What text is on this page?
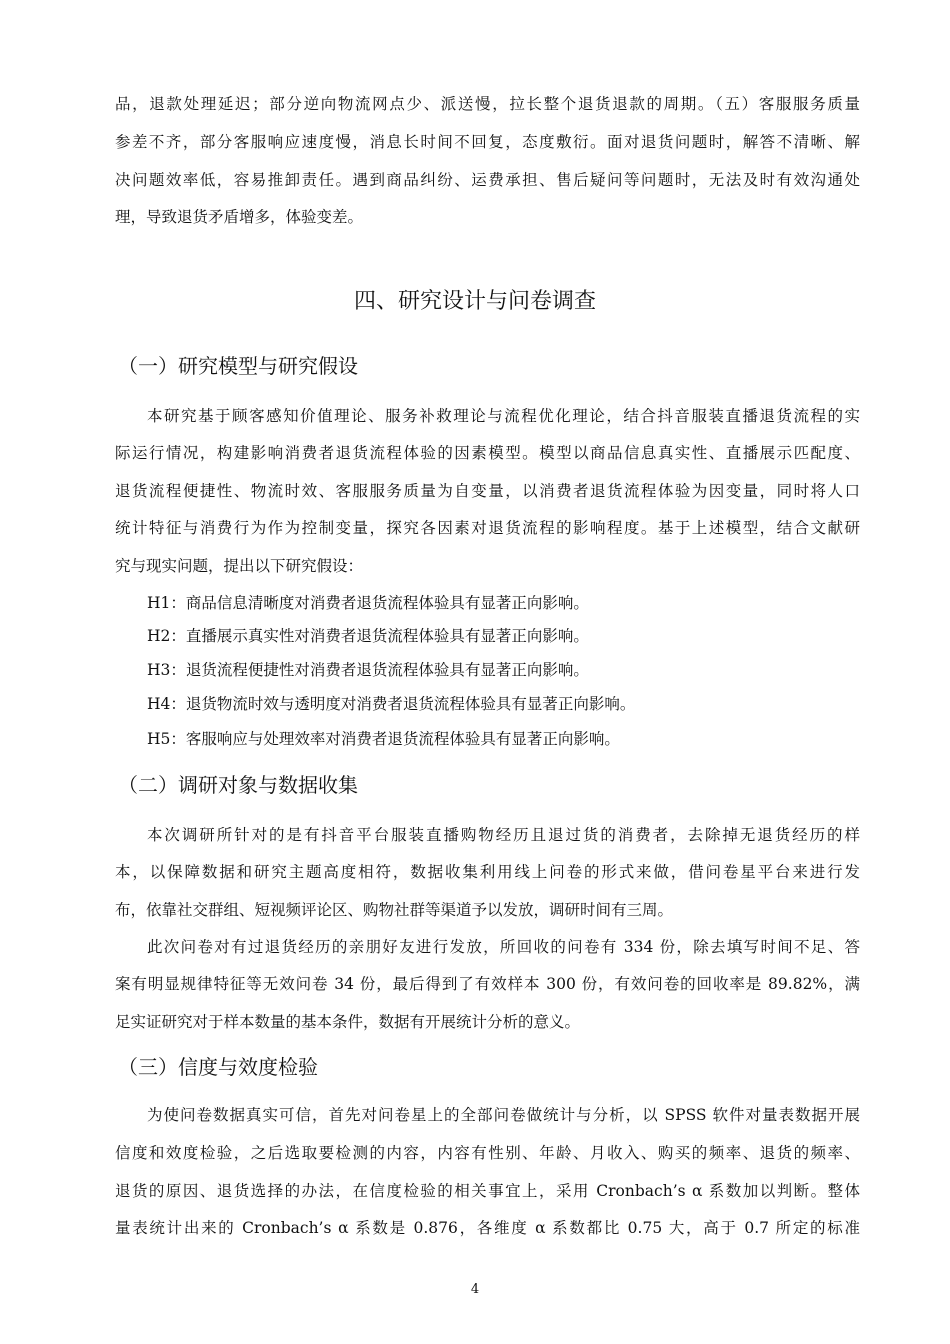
品，退款处理延迟；部分逆向物流网点少、派送慢，拉长整个退货退款的周期。（五）客服服务质量
参差不齐，部分客服响应速度慢，消息长时间不回复，态度敷衍。面对退货问题时，解答不清晰、解
决问题效率低，容易推卸责任。遇到商品纠纷、运费承担、售后疑问等问题时，无法及时有效沟通处
理，导致退货矛盾增多，体验变差。
四、研究设计与问卷调查
（一）研究模型与研究假设
本研究基于顾客感知价值理论、服务补救理论与流程优化理论，结合抖音服装直播退货流程的实
际运行情况，构建影响消费者退货流程体验的因素模型。模型以商品信息真实性、直播展示匹配度、
退货流程便捷性、物流时效、客服服务质量为自变量，以消费者退货流程体验为因变量，同时将人口
统计特征与消费行为作为控制变量，探究各因素对退货流程的影响程度。基于上述模型，结合文献研
究与现实问题，提出以下研究假设：
H1：商品信息清晰度对消费者退货流程体验具有显著正向影响。
H2：直播展示真实性对消费者退货流程体验具有显著正向影响。
H3：退货流程便捷性对消费者退货流程体验具有显著正向影响。
H4：退货物流时效与透明度对消费者退货流程体验具有显著正向影响。
H5：客服响应与处理效率对消费者退货流程体验具有显著正向影响。
（二）调研对象与数据收集
本次调研所针对的是有抖音平台服装直播购物经历且退过货的消费者，去除掉无退货经历的样
本，以保障数据和研究主题高度相符，数据收集利用线上问卷的形式来做，借问卷星平台来进行发
布，依靠社交群组、短视频评论区、购物社群等渠道予以发放，调研时间有三周。
此次问卷对有过退货经历的亲朋好友进行发放，所回收的问卷有 334 份，除去填写时间不足、答
案有明显规律特征等无效问卷 34 份，最后得到了有效样本 300 份，有效问卷的回收率是 89.82%，满
足实证研究对于样本数量的基本条件，数据有开展统计分析的意义。
（三）信度与效度检验
为使问卷数据真实可信，首先对问卷星上的全部问卷做统计与分析，以 SPSS 软件对量表数据开展
信度和效度检验，之后选取要检测的内容，内容有性别、年龄、月收入、购买的频率、退货的频率、
退货的原因、退货选择的办法，在信度检验的相关事宜上，采用 Cronbach’s α 系数加以判断。整体
量表统计出来的 Cronbach’s α 系数是 0.876，各维度 α 系数都比 0.75 大，高于 0.7 所定的标准
4
